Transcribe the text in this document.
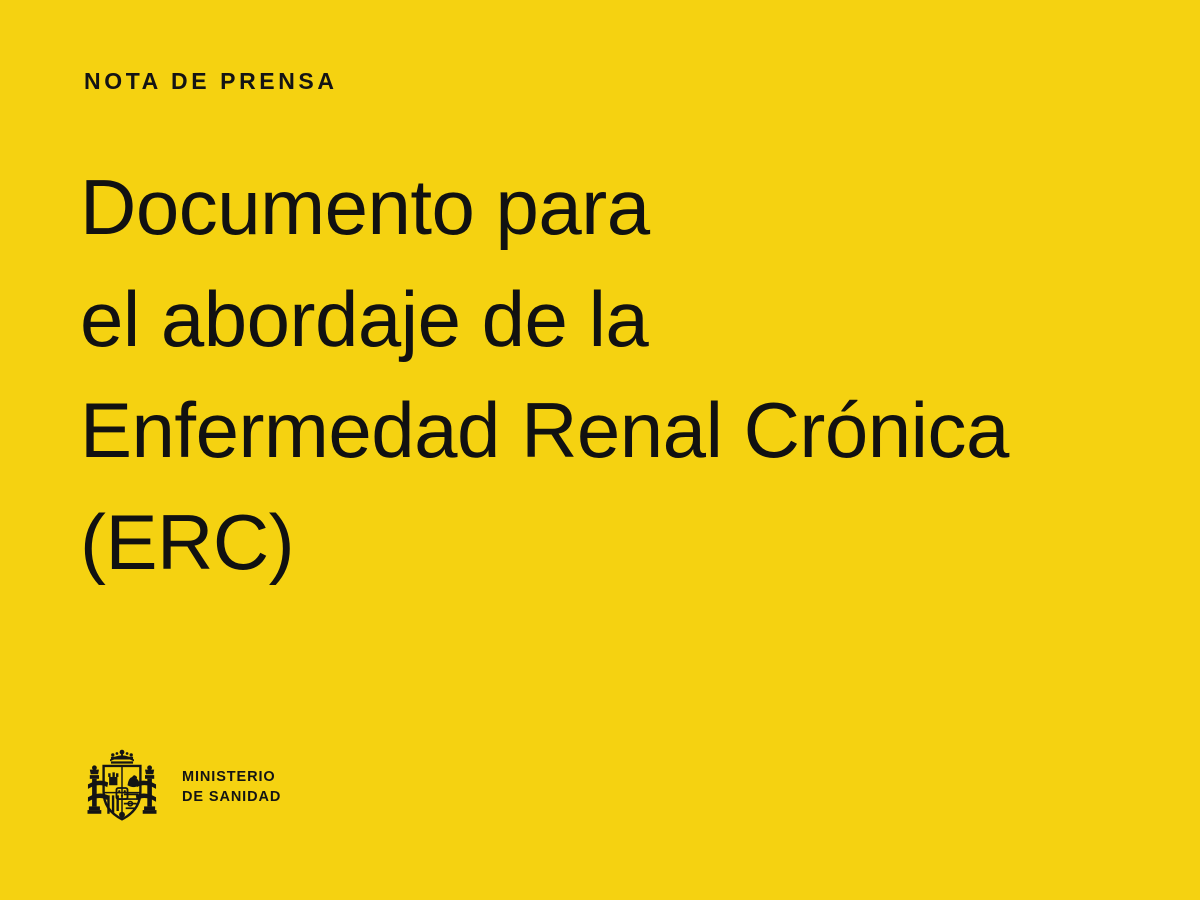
NOTA DE PRENSA
Documento para
el abordaje de la
Enfermedad Renal Crónica
(ERC)
MINISTERIO
DE SANIDAD
